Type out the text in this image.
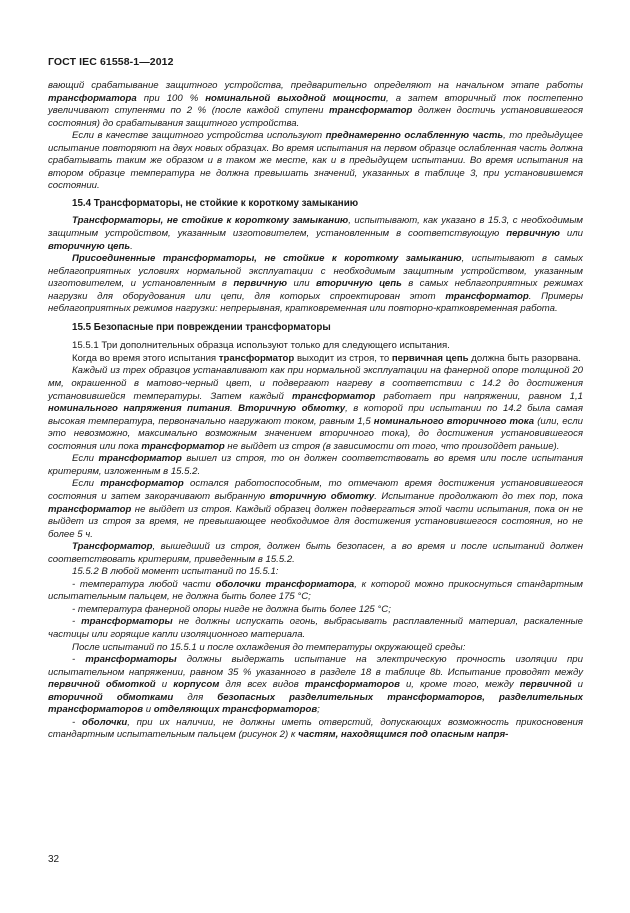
ГОСТ IEC 61558-1—2012

вающий срабатывание защитного устройства, предварительно определяют на начальном этапе работы трансформатора при 100 % номинальной выходной мощности, а затем вторичный ток постепенно увеличивают ступенями по 2 % (после каждой ступени трансформатор должен достичь установившегося состояния) до срабатывания защитного устройства.

Если в качестве защитного устройства используют преднамеренно ослабленную часть, то предыдущее испытание повторяют на двух новых образцах. Во время испытания на первом образце ослабленная часть должна срабатывать таким же образом и в таком же месте, как и в предыдущем испытании. Во время испытания на втором образце температура не должна превышать значений, указанных в таблице 3, при установившемся состоянии.

15.4 Трансформаторы, не стойкие к короткому замыканию

Трансформаторы, не стойкие к короткому замыканию, испытывают, как указано в 15.3, с необходимым защитным устройством, указанным изготовителем, установленным в соответствующую первичную или вторичную цепь.

Присоединенные трансформаторы, не стойкие к короткому замыканию, испытывают в самых неблагоприятных условиях нормальной эксплуатации с необходимым защитным устройством, указанным изготовителем, и установленным в первичную или вторичную цепь в самых неблагоприятных режимах нагрузки для оборудования или цепи, для которых спроектирован этот трансформатор. Примеры неблагоприятных режимов нагрузки: непрерывная, кратковременная или повторно-кратковременная работа.

15.5 Безопасные при повреждении трансформаторы

15.5.1 Три дополнительных образца используют только для следующего испытания.

Когда во время этого испытания трансформатор выходит из строя, то первичная цепь должна быть разорвана.

Каждый из трех образцов устанавливают как при нормальной эксплуатации на фанерной опоре толщиной 20 мм, окрашенной в матово-черный цвет, и подвергают нагреву в соответствии с 14.2 до достижения установившейся температуры. Затем каждый трансформатор работает при напряжении, равном 1,1 номинального напряжения питания. Вторичную обмотку, в которой при испытании по 14.2 была самая высокая температура, первоначально нагружают током, равным 1,5 номинального вторичного тока (или, если это невозможно, максимально возможным значением вторичного тока), до достижения установившегося состояния или пока трансформатор не выйдет из строя (в зависимости от того, что произойдет раньше).

Если трансформатор вышел из строя, то он должен соответствовать во время или после испытания критериям, изложенным в 15.5.2.

Если трансформатор остался работоспособным, то отмечают время достижения установившегося состояния и затем закорачивают выбранную вторичную обмотку. Испытание продолжают до тех пор, пока трансформатор не выйдет из строя. Каждый образец должен подвергаться этой части испытания, пока он не выйдет из строя за время, не превышающее необходимое для достижения установившегося состояния, но не более 5 ч.

Трансформатор, вышедший из строя, должен быть безопасен, а во время и после испытаний должен соответствовать критериям, приведенным в 15.5.2.

15.5.2 В любой момент испытаний по 15.5.1:

- температура любой части оболочки трансформатора, к которой можно прикоснуться стандартным испытательным пальцем, не должна быть более 175 °С;

- температура фанерной опоры нигде не должна быть более 125 °С;

- трансформаторы не должны испускать огонь, выбрасывать расплавленный материал, раскаленные частицы или горящие капли изоляционного материала.

После испытаний по 15.5.1 и после охлаждения до температуры окружающей среды:

- трансформаторы должны выдержать испытание на электрическую прочность изоляции при испытательном напряжении, равном 35 % указанного в разделе 18 в таблице 8b. Испытание проводят между первичной обмоткой и корпусом для всех видов трансформаторов и, кроме того, между первичной и вторичной обмотками для безопасных разделительных трансформаторов, разделительных трансформаторов и отделяющих трансформаторов;

- оболочки, при их наличии, не должны иметь отверстий, допускающих возможность прикосновения стандартным испытательным пальцем (рисунок 2) к частям, находящимся под опасным напря-

32
